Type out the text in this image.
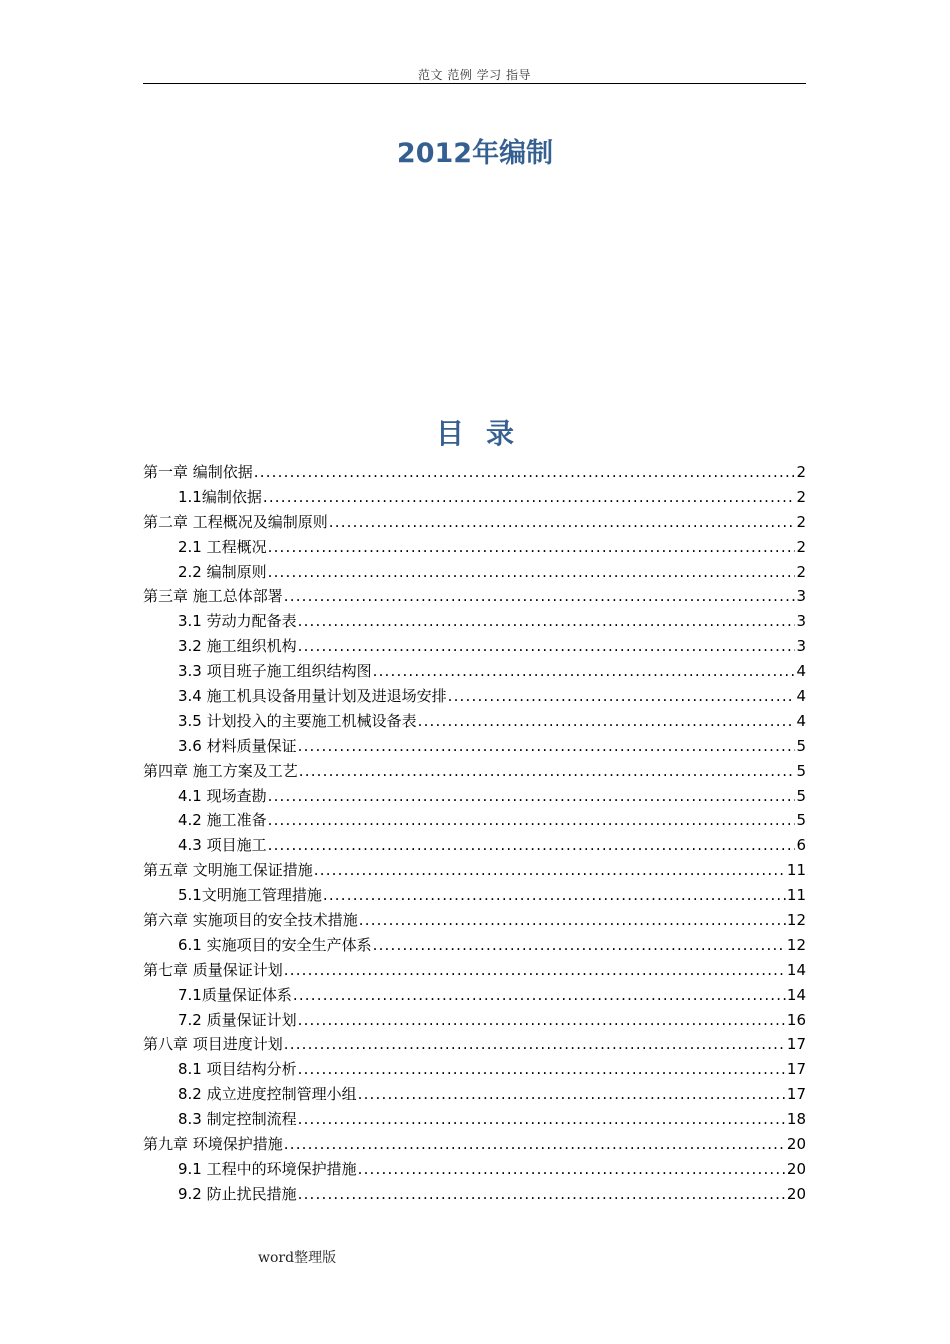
范文 范例 学习 指导
2012年编制
目录
第一章 编制依据 .....	2
1.1编制依据 .....	2
第二章 工程概况及编制原则 .....	2
2.1 工程概况 .....	2
2.2 编制原则 .....	2
第三章 施工总体部署 .....	3
3.1 劳动力配备表 .....	3
3.2 施工组织机构 .....	3
3.3 项目班子施工组织结构图 .....	4
3.4 施工机具设备用量计划及进退场安排 .....	4
3.5 计划投入的主要施工机械设备表 .....	4
3.6 材料质量保证 .....	5
第四章 施工方案及工艺 .....	5
4.1 现场查勘 .....	5
4.2 施工准备 .....	5
4.3 项目施工 .....	6
第五章 文明施工保证措施 .....	11
5.1文明施工管理措施 .....	11
第六章 实施项目的安全技术措施 .....	12
6.1 实施项目的安全生产体系 .....	12
第七章 质量保证计划 .....	14
7.1质量保证体系 .....	14
7.2 质量保证计划 .....	16
第八章 项目进度计划 .....	17
8.1 项目结构分析 .....	17
8.2 成立进度控制管理小组 .....	17
8.3 制定控制流程 .....	18
第九章 环境保护措施 .....	20
9.1 工程中的环境保护措施 .....	20
9.2 防止扰民措施 .....	20
word整理版
